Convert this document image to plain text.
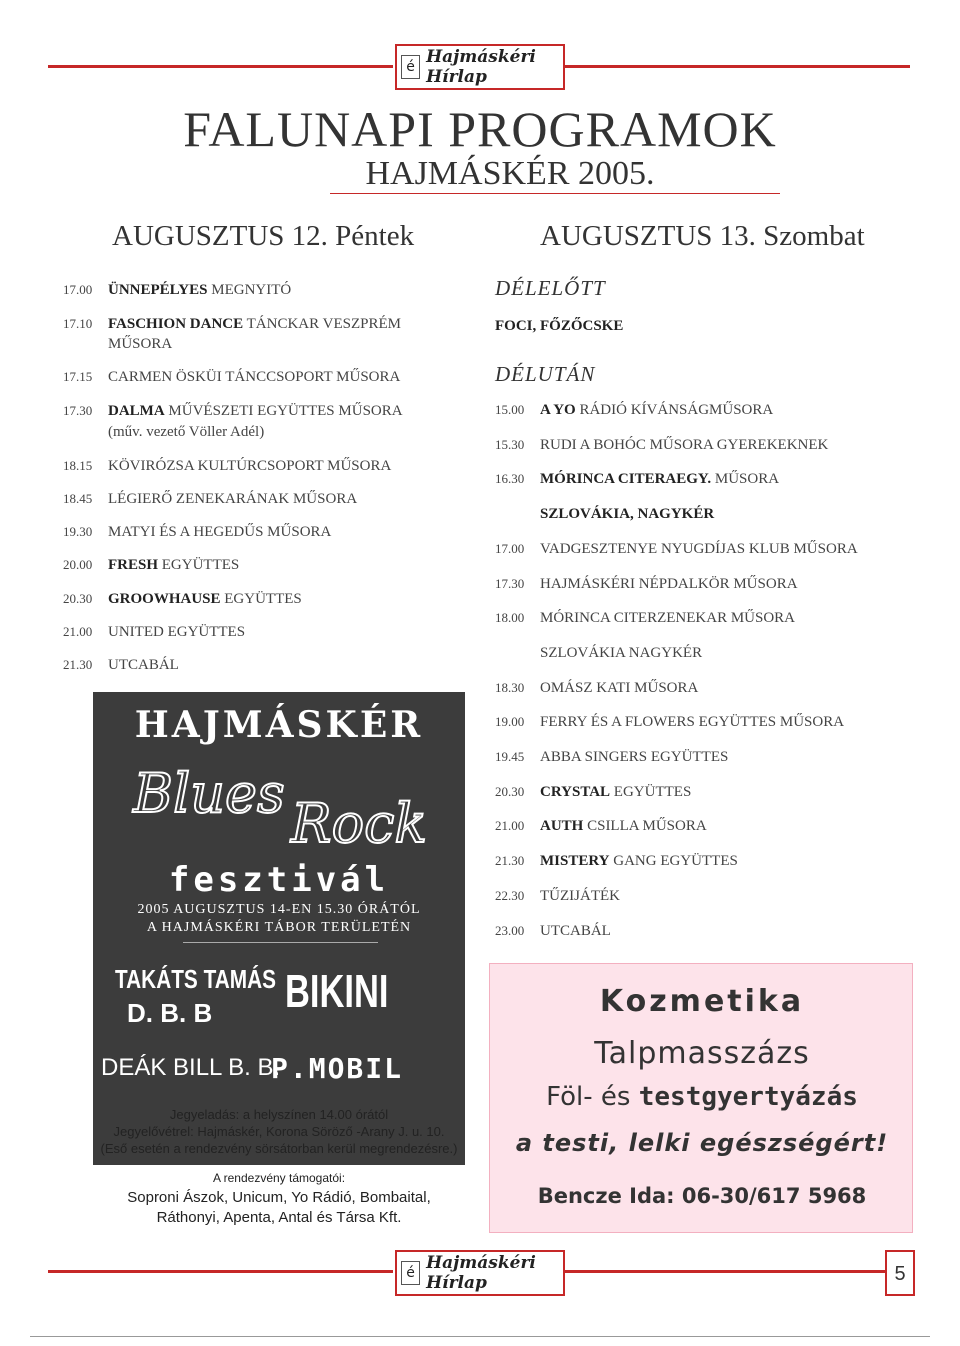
é Hajmáskéri Hírlap
FALUNAPI PROGRAMOK
HAJMÁSKÉR 2005.
AUGUSZTUS 12. Péntek	AUGUSZTUS 13. Szombat
17.00 ÜNNEPÉLYES MEGNYITÓ
17.10 FASCHION DANCE TÁNCKAR VESZPRÉM
MŰSORA
17.15 CARMEN ÖSKÜI TÁNCCSOPORT MŰSORA
17.30 DALMA MŰVÉSZETI EGYÜTTES MŰSORA
(műv. vezető Völler Adél)
18.15 KÖVIRÓZSA KULTÚRCSOPORT MŰSORA
18.45 LÉGIERŐ ZENEKARÁNAK MŰSORA
19.30 MATYI ÉS A HEGEDŰS MŰSORA
20.00 FRESH EGYÜTTES
20.30 GROOWHAUSE EGYÜTTES
21.00 UNITED EGYÜTTES
21.30 UTCABÁL
DÉLELŐTT
FOCI, FŐZŐCSKE
DÉLUTÁN
15.00 A YO RÁDIÓ KÍVÁNSÁGMŰSORA
15.30 RUDI A BOHÓC MŰSORA GYEREKEKNEK
16.30 MÓRINCA CITERAEGY. MŰSORA
SZLOVÁKIA, NAGYKÉR
17.00 VADGESZTENYE NYUGDÍJAS KLUB MŰSORA
17.30 HAJMÁSKÉRI NÉPDALKÖR MŰSORA
18.00 MÓRINCA CITERZENEKAR MŰSORA
SZLOVÁKIA NAGYKÉR
18.30 OMÁSZ KATI MŰSORA
19.00 FERRY ÉS A FLOWERS EGYÜTTES MŰSORA
19.45 ABBA SINGERS EGYÜTTES
20.30 CRYSTAL EGYÜTTES
21.00 AUTH CSILLA MŰSORA
21.30 MISTERY GANG EGYÜTTES
22.30 TŰZIJÁTÉK
23.00 UTCABÁL
HAJMÁSKÉR
Blues Rock
fesztivál
2005 AUGUSZTUS 14-EN 15.30 ÓRÁTÓL
A HAJMÁSKÉRI TÁBOR TERÜLETÉN
TAKÁTS TAMÁS
D. B. B BIKINI
DEÁK BILL B. B.
P.MOBIL
Jegyeladás: a helyszínen 14.00 órától
Jegyelővétrel: Hajmáskér, Korona Söröző -Arany J. u. 10.
(Eső esetén a rendezvény sörsátorban kerül megrendezésre.)
A rendezvény támogatói:
Soproni Ászok, Unicum, Yo Rádió, Bombaital,
Ráthonyi, Apenta, Antal és Társa Kft.
Kozmetika
Talpmasszázs
Föl- és testgyertyázás
a testi, lelki egészségért!
Bencze Ida: 06-30/617 5968
é Hajmáskéri Hírlap	5
